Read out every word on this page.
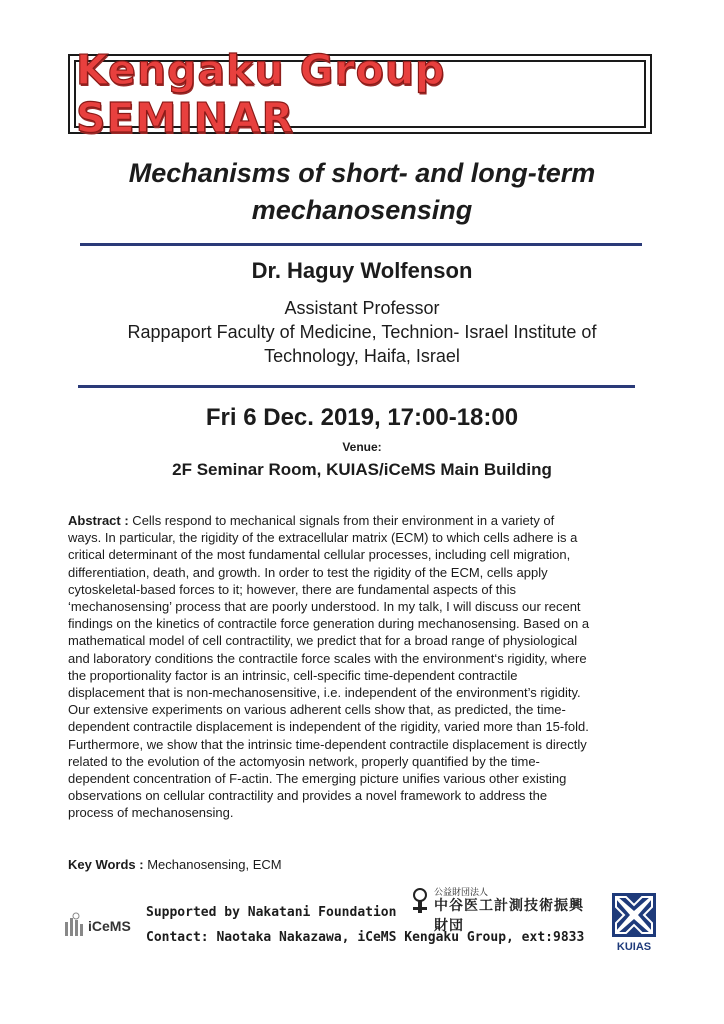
Kengaku Group SEMINAR
Mechanisms of short- and long-term
mechanosensing
Dr. Haguy Wolfenson
Assistant Professor
Rappaport Faculty of Medicine, Technion- Israel Institute of
Technology, Haifa, Israel
Fri 6 Dec. 2019, 17:00-18:00
Venue:
2F Seminar Room, KUIAS/iCeMS Main Building
Abstract : Cells respond to mechanical signals from their environment in a variety of
ways. In particular, the rigidity of the extracellular matrix (ECM) to which cells adhere is a
critical determinant of the most fundamental cellular processes, including cell migration,
differentiation, death, and growth. In order to test the rigidity of the ECM, cells apply
cytoskeletal-based forces to it; however, there are fundamental aspects of this
‘mechanosensing’ process that are poorly understood. In my talk, I will discuss our recent
findings on the kinetics of contractile force generation during mechanosensing. Based on a
mathematical model of cell contractility, we predict that for a broad range of physiological
and laboratory conditions the contractile force scales with the environment‘s rigidity, where
the proportionality factor is an intrinsic, cell-specific time-dependent contractile
displacement that is non-mechanosensitive, i.e. independent of the environment’s rigidity.
Our extensive experiments on various adherent cells show that, as predicted, the time-
dependent contractile displacement is independent of the rigidity, varied more than 15-fold.
Furthermore, we show that the intrinsic time-dependent contractile displacement is directly
related to the evolution of the actomyosin network, properly quantified by the time-
dependent concentration of F-actin. The emerging picture unifies various other existing
observations on cellular contractility and provides a novel framework to address the
process of mechanosensing.
Key Words : Mechanosensing, ECM
iCeMS
Supported by Nakatani Foundation
Contact: Naotaka Nakazawa, iCeMS Kengaku Group, ext:9833
公益財団法人
中谷医工計測技術振興財団
KUIAS
